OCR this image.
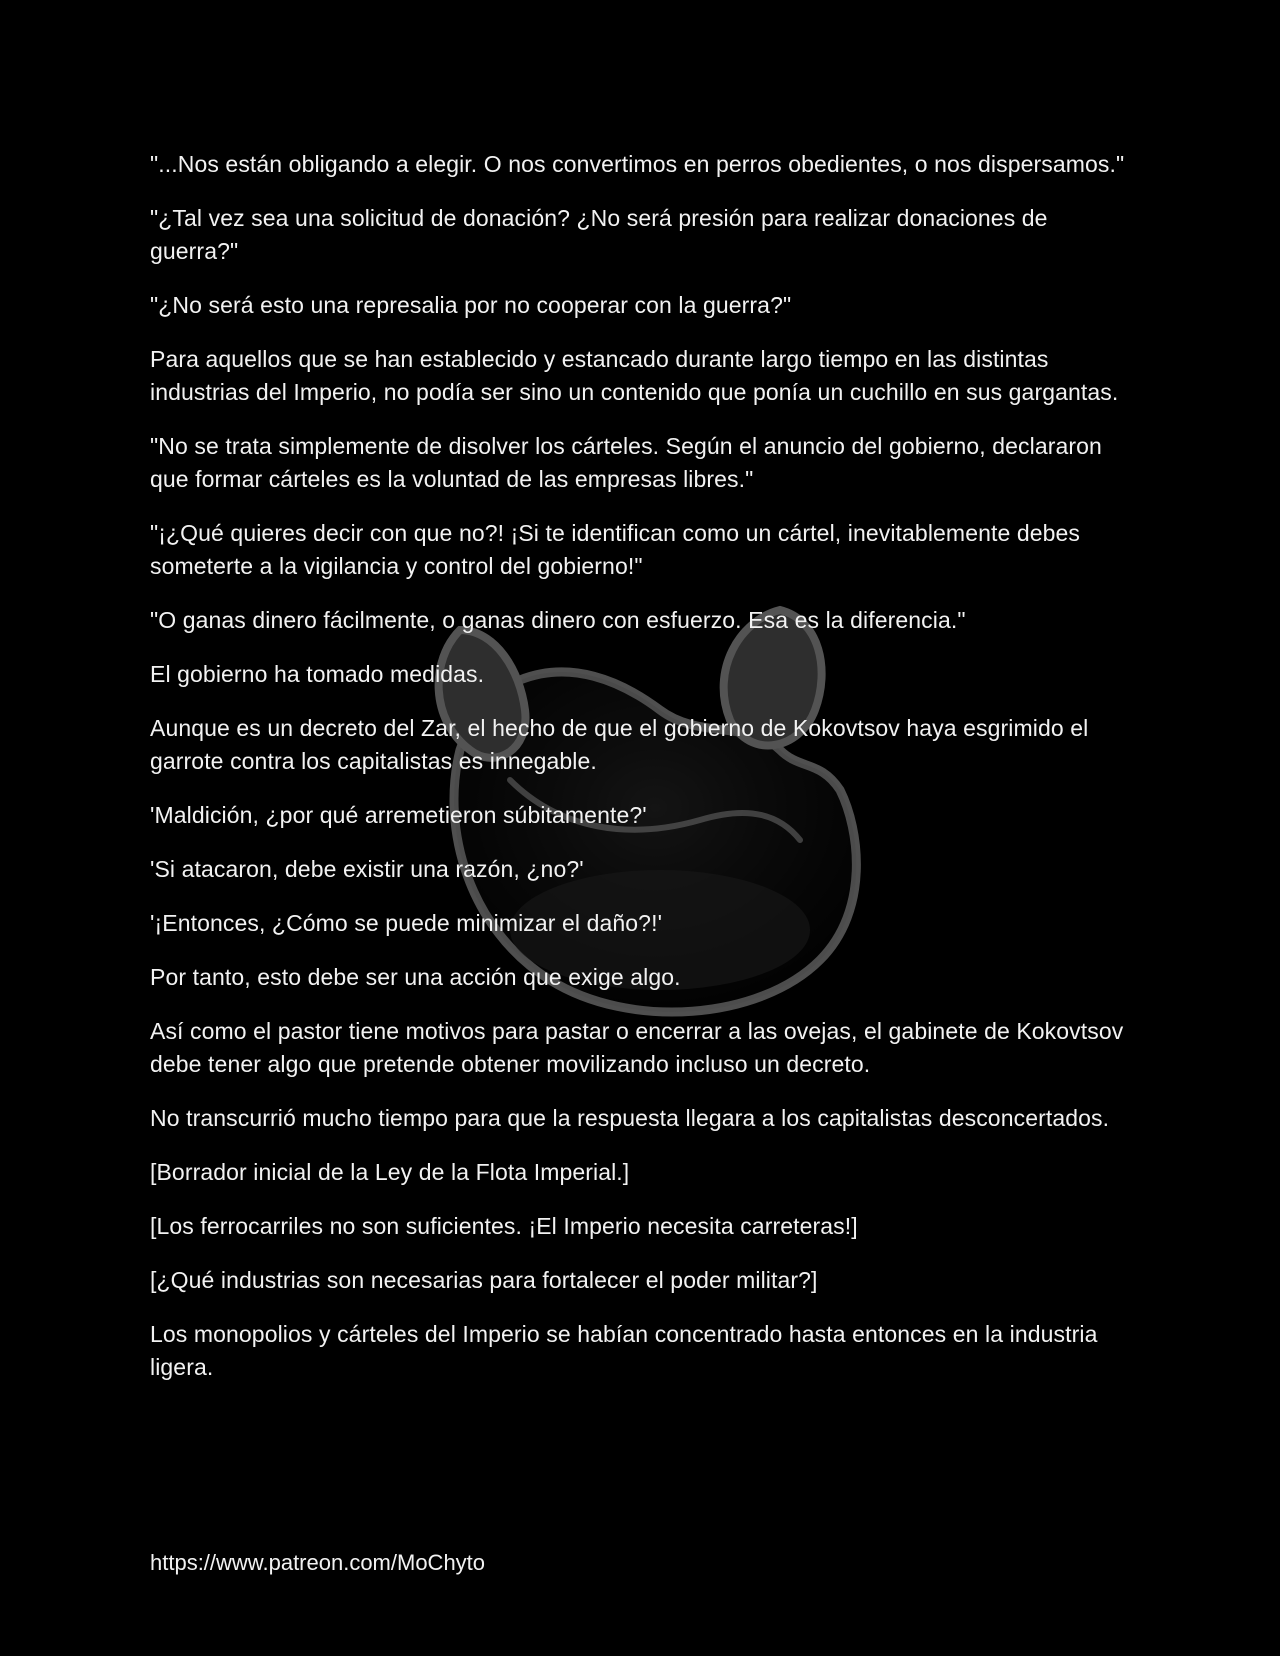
"...Nos están obligando a elegir. O nos convertimos en perros obedientes, o nos dispersamos."

"¿Tal vez sea una solicitud de donación? ¿No será presión para realizar donaciones de guerra?"

"¿No será esto una represalia por no cooperar con la guerra?"

Para aquellos que se han establecido y estancado durante largo tiempo en las distintas industrias del Imperio, no podía ser sino un contenido que ponía un cuchillo en sus gargantas.

"No se trata simplemente de disolver los cárteles. Según el anuncio del gobierno, declararon que formar cárteles es la voluntad de las empresas libres."

"¡¿Qué quieres decir con que no?! ¡Si te identifican como un cártel, inevitablemente debes someterte a la vigilancia y control del gobierno!"

"O ganas dinero fácilmente, o ganas dinero con esfuerzo. Esa es la diferencia."

El gobierno ha tomado medidas.

Aunque es un decreto del Zar, el hecho de que el gobierno de Kokovtsov haya esgrimido el garrote contra los capitalistas es innegable.

'Maldición, ¿por qué arremetieron súbitamente?'

'Si atacaron, debe existir una razón, ¿no?'

'¡Entonces, ¿Cómo se puede minimizar el daño?!'

Por tanto, esto debe ser una acción que exige algo.

Así como el pastor tiene motivos para pastar o encerrar a las ovejas, el gabinete de Kokovtsov debe tener algo que pretende obtener movilizando incluso un decreto.

No transcurrió mucho tiempo para que la respuesta llegara a los capitalistas desconcertados.

[Borrador inicial de la Ley de la Flota Imperial.]

[Los ferrocarriles no son suficientes. ¡El Imperio necesita carreteras!]

[¿Qué industrias son necesarias para fortalecer el poder militar?]

Los monopolios y cárteles del Imperio se habían concentrado hasta entonces en la industria ligera.

https://www.patreon.com/MoChyto
